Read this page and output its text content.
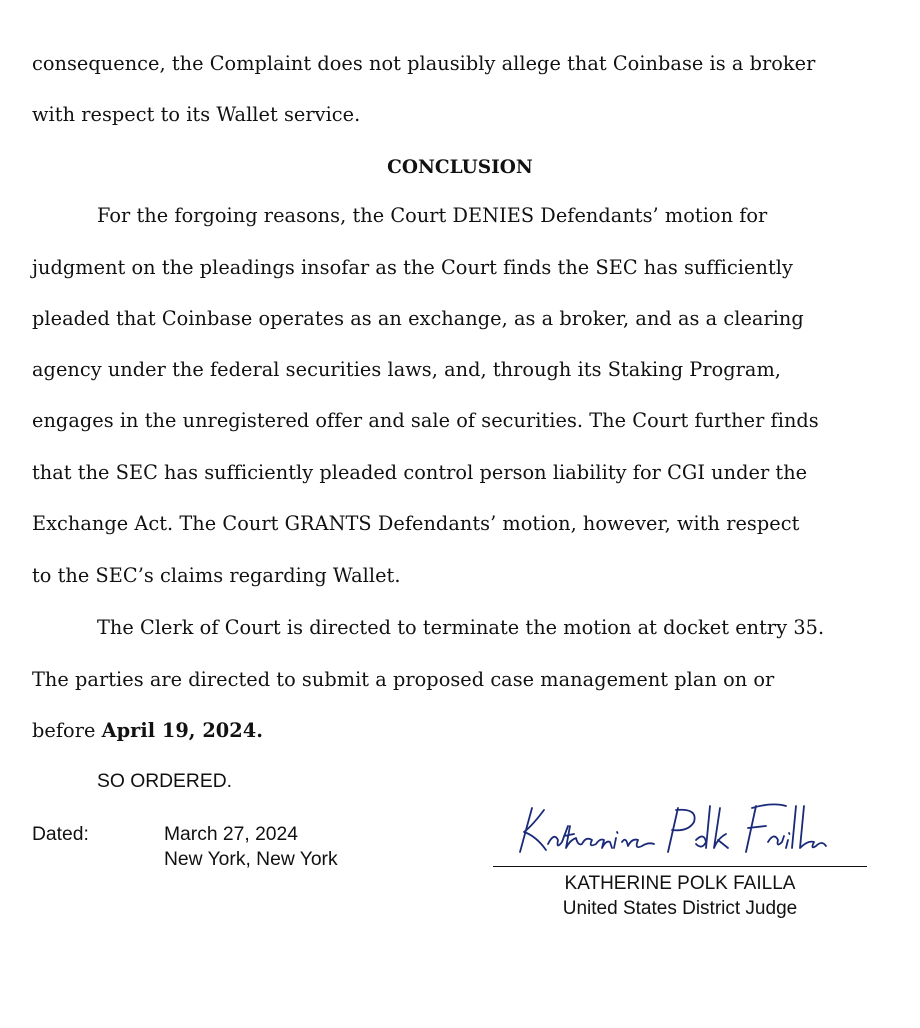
consequence, the Complaint does not plausibly allege that Coinbase is a broker
with respect to its Wallet service.
CONCLUSION
For the forgoing reasons, the Court DENIES Defendants’ motion for
judgment on the pleadings insofar as the Court finds the SEC has sufficiently
pleaded that Coinbase operates as an exchange, as a broker, and as a clearing
agency under the federal securities laws, and, through its Staking Program,
engages in the unregistered offer and sale of securities. The Court further finds
that the SEC has sufficiently pleaded control person liability for CGI under the
Exchange Act. The Court GRANTS Defendants’ motion, however, with respect
to the SEC’s claims regarding Wallet.
The Clerk of Court is directed to terminate the motion at docket entry 35.
The parties are directed to submit a proposed case management plan on or
before April 19, 2024.
SO ORDERED.
Dated:	March 27, 2024
New York, New York
KATHERINE POLK FAILLA
United States District Judge
